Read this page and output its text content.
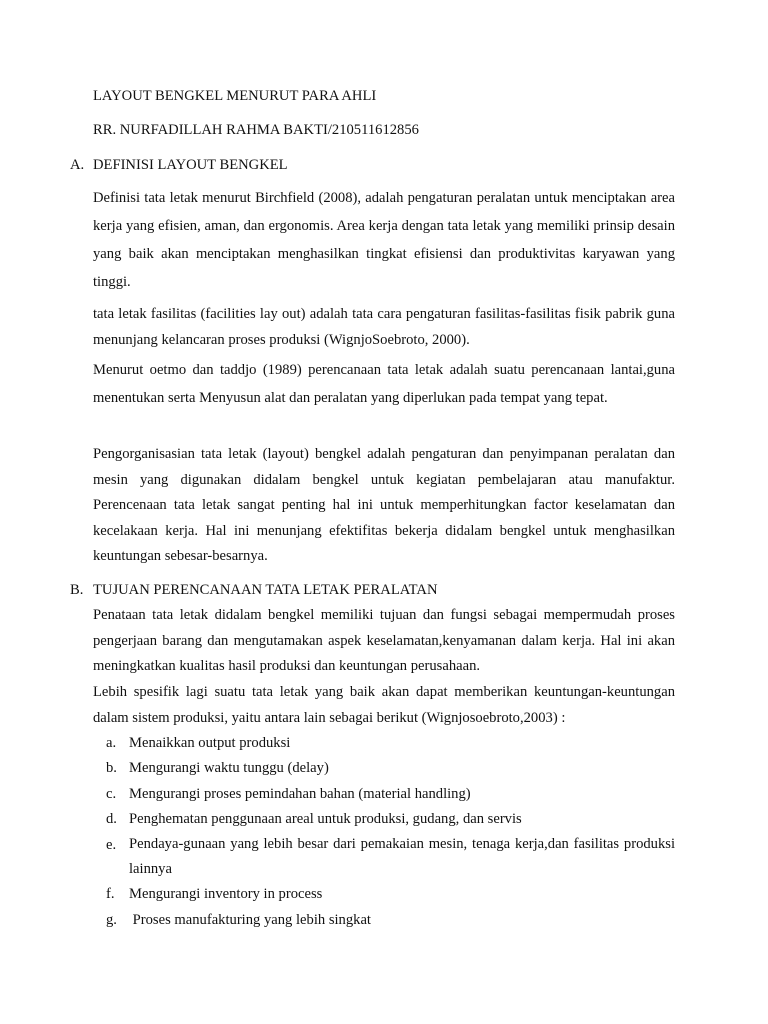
LAYOUT BENGKEL MENURUT PARA AHLI
RR. NURFADILLAH RAHMA BAKTI/210511612856
A. DEFINISI LAYOUT BENGKEL
Definisi tata letak menurut Birchfield (2008), adalah pengaturan peralatan untuk menciptakan area kerja yang efisien, aman, dan ergonomis. Area kerja dengan tata letak yang memiliki prinsip desain yang baik akan menciptakan menghasilkan tingkat efisiensi dan produktivitas karyawan yang tinggi.
tata letak fasilitas (facilities lay out) adalah tata cara pengaturan fasilitas-fasilitas fisik pabrik guna menunjang kelancaran proses produksi (WignjoSoebroto, 2000).
Menurut oetmo dan taddjo (1989) perencanaan tata letak adalah suatu perencanaan lantai,guna menentukan serta Menyusun alat dan peralatan yang diperlukan pada tempat yang tepat.
Pengorganisasian tata letak (layout) bengkel adalah pengaturan dan penyimpanan peralatan dan mesin yang digunakan didalam bengkel untuk kegiatan pembelajaran atau manufaktur. Perencenaan tata letak sangat penting hal ini untuk memperhitungkan factor keselamatan dan kecelakaan kerja. Hal ini menunjang efektifitas bekerja didalam bengkel untuk menghasilkan keuntungan sebesar-besarnya.
B. TUJUAN PERENCANAAN TATA LETAK PERALATAN
Penataan tata letak didalam bengkel memiliki tujuan dan fungsi sebagai mempermudah proses pengerjaan barang dan mengutamakan aspek keselamatan,kenyamanan dalam kerja. Hal ini akan meningkatkan kualitas hasil produksi dan keuntungan perusahaan.
Lebih spesifik lagi suatu tata letak yang baik akan dapat memberikan keuntungan-keuntungan dalam sistem produksi, yaitu antara lain sebagai berikut (Wignjosoebroto,2003) :
a. Menaikkan output produksi
b. Mengurangi waktu tunggu (delay)
c. Mengurangi proses pemindahan bahan (material handling)
d. Penghematan penggunaan areal untuk produksi, gudang, dan servis
e. Pendaya-gunaan yang lebih besar dari pemakaian mesin, tenaga kerja,dan fasilitas produksi lainnya
f. Mengurangi inventory in process
g. Proses manufakturing yang lebih singkat
